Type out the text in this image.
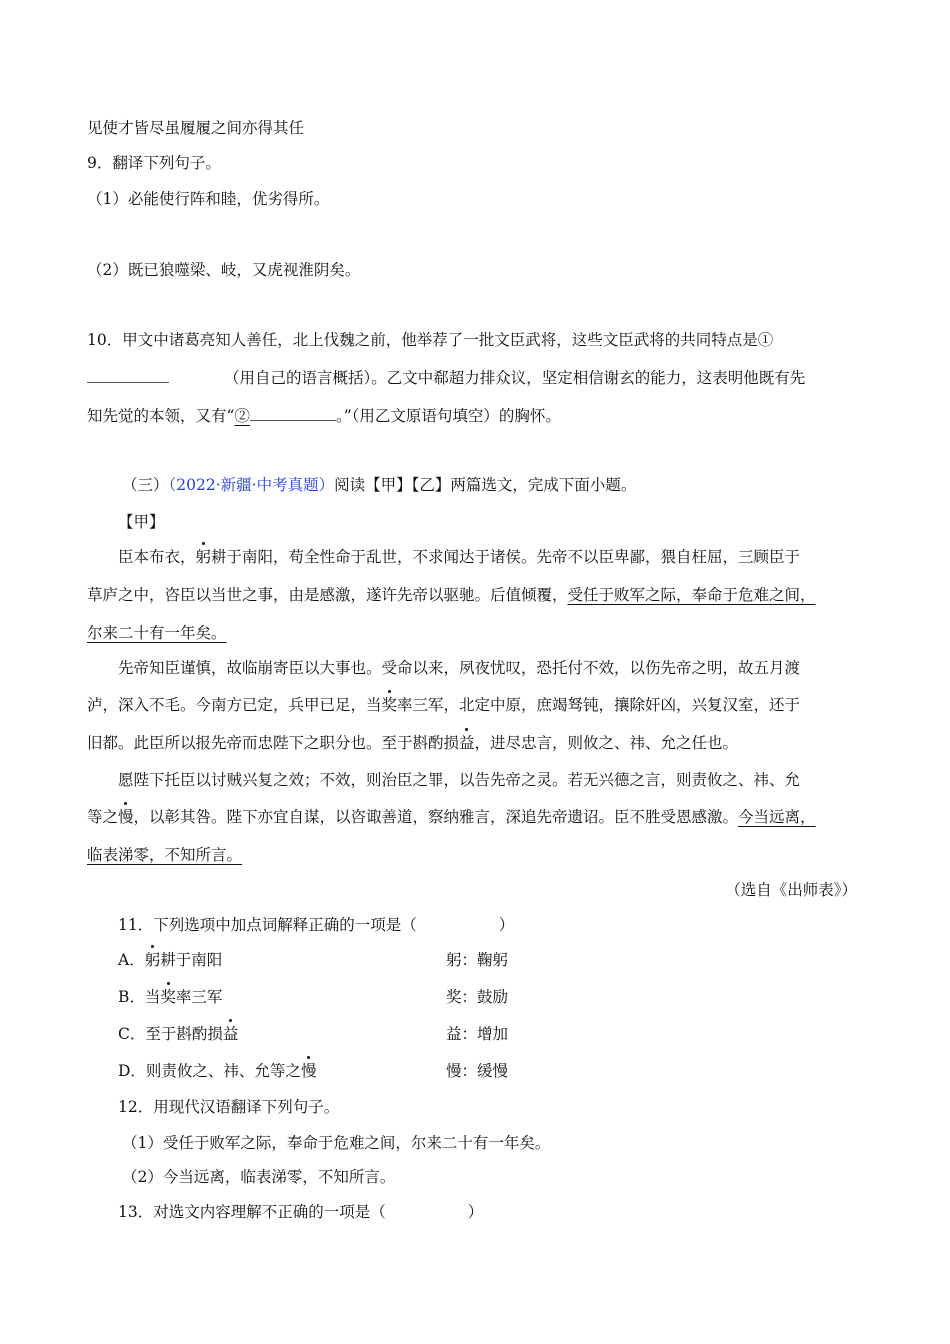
见使才皆尽虽履履之间亦得其任
9．翻译下列句子。
（1）必能使行阵和睦，优劣得所。
（2）既已狼噬梁、岐，又虎视淮阴矣。
10．甲文中诸葛亮知人善任，北上伐魏之前，他举荐了一批文臣武将，这些文臣武将的共同特点是①
（用自己的语言概括）。乙文中郗超力排众议，坚定相信谢玄的能力，这表明他既有先
知先觉的本领，又有“②	。”（用乙文原语句填空）的胸怀。
（三）（2022·新疆·中考真题）阅读【甲】【乙】两篇选文，完成下面小题。
【甲】
臣本布衣，躬耕于南阳，苟全性命于乱世，不求闻达于诸侯。先帝不以臣卑鄙，猥自枉屈，三顾臣于
草庐之中，咨臣以当世之事，由是感激，遂许先帝以驱驰。后值倾覆，受任于败军之际，奉命于危难之间，
尔来二十有一年矣。
先帝知臣谨慎，故临崩寄臣以大事也。受命以来，夙夜忧叹，恐托付不效，以伤先帝之明，故五月渡
泸，深入不毛。今南方已定，兵甲已足，当奖率三军，北定中原，庶竭驽钝，攘除奸凶，兴复汉室，还于
旧都。此臣所以报先帝而忠陛下之职分也。至于斟酌损益，进尽忠言，则攸之、祎、允之任也。
愿陛下托臣以讨贼兴复之效；不效，则治臣之罪，以告先帝之灵。若无兴德之言，则责攸之、祎、允
等之慢，以彰其咎。陛下亦宜自谋，以咨诹善道，察纳雅言，深追先帝遗诏。臣不胜受恩感激。今当远离，
临表涕零，不知所言。
（选自《出师表》）
11．下列选项中加点词解释正确的一项是（	）
A．躬耕于南阳	躬：鞠躬
B．当奖率三军	奖：鼓励
C．至于斟酌损益	益：增加
D．则责攸之、祎、允等之慢	慢：缓慢
12．用现代汉语翻译下列句子。
（1）受任于败军之际，奉命于危难之间，尔来二十有一年矣。
（2）今当远离，临表涕零，不知所言。
13．对选文内容理解不正确的一项是（	）
